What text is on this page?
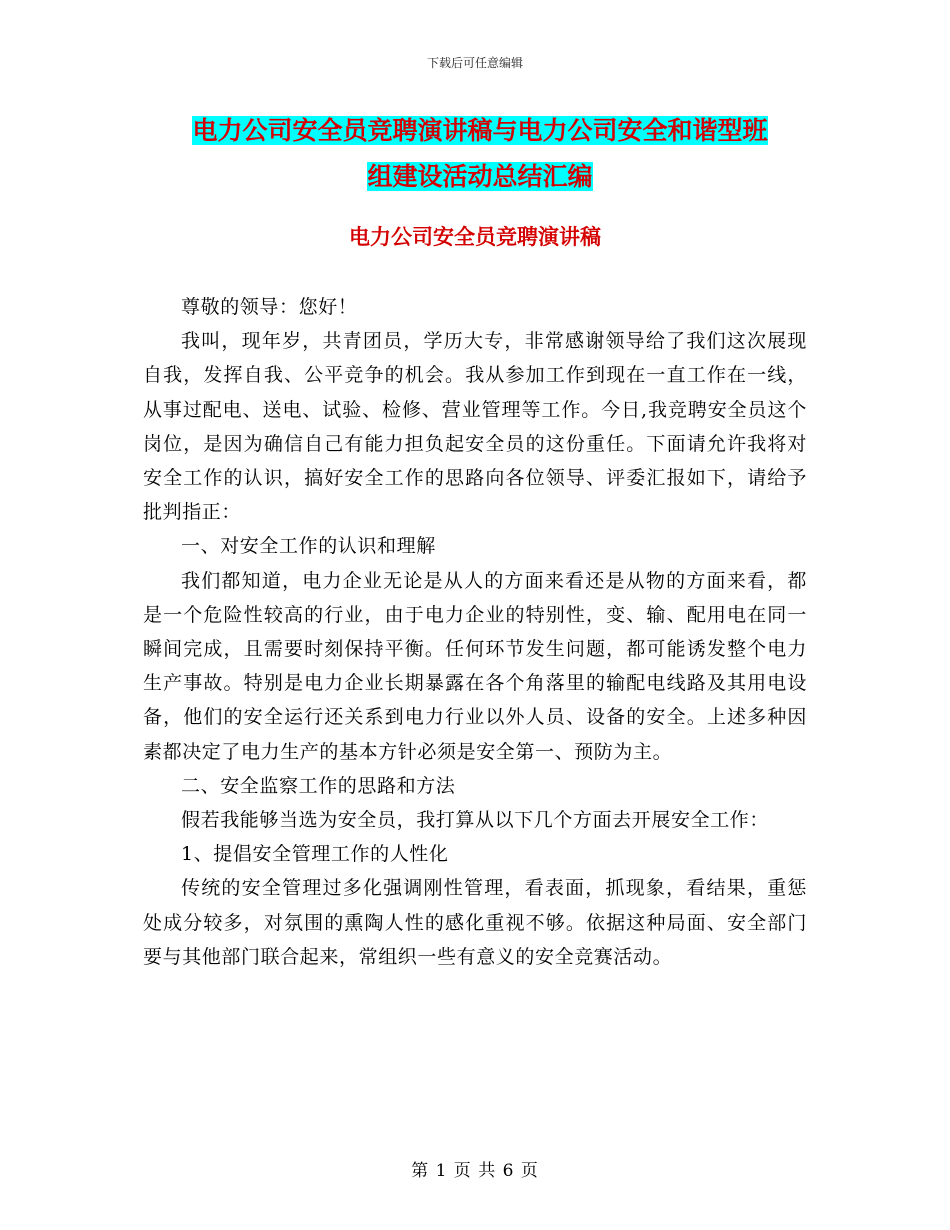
下载后可任意编辑
电力公司安全员竞聘演讲稿与电力公司安全和谐型班
组建设活动总结汇编
电力公司安全员竞聘演讲稿

尊敬的领导：您好！

我叫，现年岁，共青团员，学历大专，非常感谢领导给了我们这次展现自我，发挥自我、公平竞争的机会。我从参加工作到现在一直工作在一线，从事过配电、送电、试验、检修、营业管理等工作。今日,我竞聘安全员这个岗位，是因为确信自己有能力担负起安全员的这份重任。下面请允许我将对安全工作的认识，搞好安全工作的思路向各位领导、评委汇报如下，请给予批判指正：

一、对安全工作的认识和理解

我们都知道，电力企业无论是从人的方面来看还是从物的方面来看，都是一个危险性较高的行业，由于电力企业的特别性，变、输、配用电在同一瞬间完成，且需要时刻保持平衡。任何环节发生问题，都可能诱发整个电力生产事故。特别是电力企业长期暴露在各个角落里的输配电线路及其用电设备，他们的安全运行还关系到电力行业以外人员、设备的安全。上述多种因素都决定了电力生产的基本方针必须是安全第一、预防为主。

二、安全监察工作的思路和方法

假若我能够当选为安全员，我打算从以下几个方面去开展安全工作：

1、提倡安全管理工作的人性化

传统的安全管理过多化强调刚性管理，看表面，抓现象，看结果，重惩处成分较多，对氛围的熏陶人性的感化重视不够。依据这种局面、安全部门要与其他部门联合起来，常组织一些有意义的安全竞赛活动。

第 1 页 共 6 页
